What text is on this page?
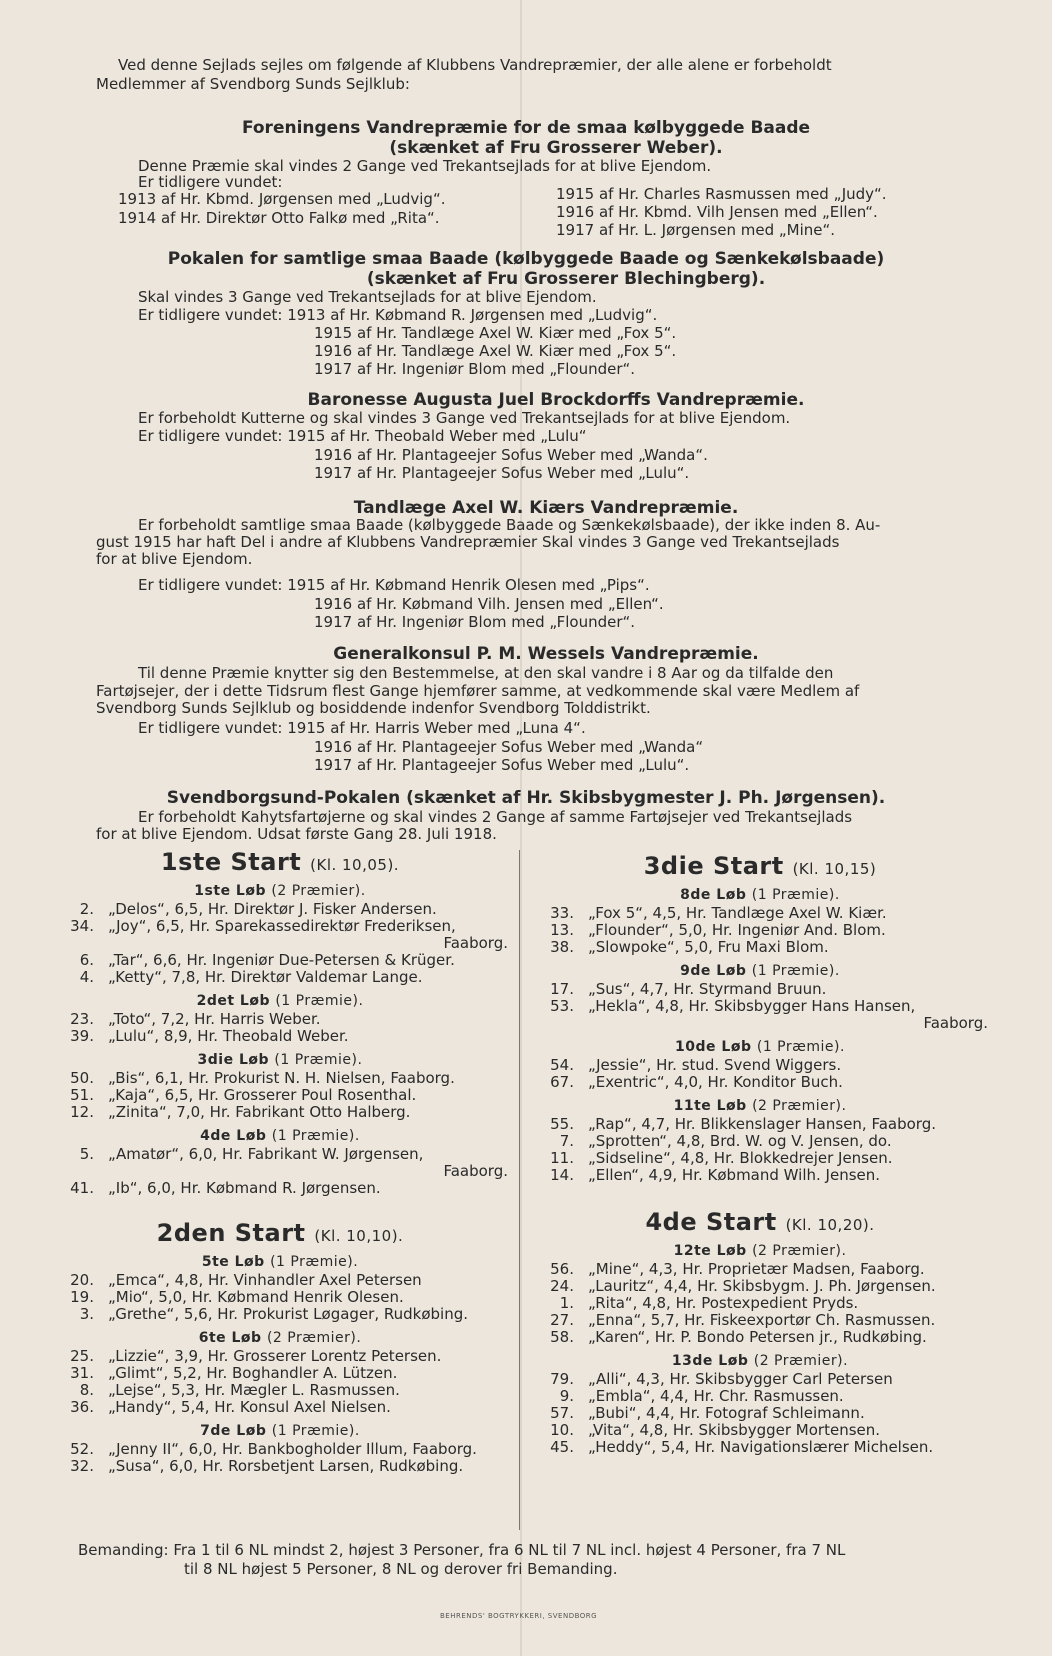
Ved denne Sejlads sejles om følgende af Klubbens Vandrepræmier, der alle alene er forbeholdt
Medlemmer af Svendborg Sunds Sejlklub:
Foreningens Vandrepræmie for de smaa kølbyggede Baade
(skænket af Fru Grosserer Weber).
Denne Præmie skal vindes 2 Gange ved Trekantsejlads for at blive Ejendom.
Er tidligere vundet:
1913 af Hr. Kbmd. Jørgensen med „Ludvig“.
1914 af Hr. Direktør Otto Falkø med „Rita“.
1915 af Hr. Charles Rasmussen med „Judy“.
1916 af Hr. Kbmd. Vilh Jensen med „Ellen“.
1917 af Hr. L. Jørgensen med „Mine“.
Pokalen for samtlige smaa Baade (kølbyggede Baade og Sænkekølsbaade)
(skænket af Fru Grosserer Blechingberg).
Skal vindes 3 Gange ved Trekantsejlads for at blive Ejendom.
Er tidligere vundet: 1913 af Hr. Købmand R. Jørgensen med „Ludvig“.
1915 af Hr. Tandlæge Axel W. Kiær med „Fox 5“.
1916 af Hr. Tandlæge Axel W. Kiær med „Fox 5“.
1917 af Hr. Ingeniør Blom med „Flounder“.
Baronesse Augusta Juel Brockdorffs Vandrepræmie.
Er forbeholdt Kutterne og skal vindes 3 Gange ved Trekantsejlads for at blive Ejendom.
Er tidligere vundet: 1915 af Hr. Theobald Weber med „Lulu“
1916 af Hr. Plantageejer Sofus Weber med „Wanda“.
1917 af Hr. Plantageejer Sofus Weber med „Lulu“.
Tandlæge Axel W. Kiærs Vandrepræmie.
Er forbeholdt samtlige smaa Baade (kølbyggede Baade og Sænkekølsbaade), der ikke inden 8. Au-
gust 1915 har haft Del i andre af Klubbens Vandrepræmier Skal vindes 3 Gange ved Trekantsejlads
for at blive Ejendom.
Er tidligere vundet: 1915 af Hr. Købmand Henrik Olesen med „Pips“.
1916 af Hr. Købmand Vilh. Jensen med „Ellen“.
1917 af Hr. Ingeniør Blom med „Flounder“.
Generalkonsul P. M. Wessels Vandrepræmie.
Til denne Præmie knytter sig den Bestemmelse, at den skal vandre i 8 Aar og da tilfalde den
Fartøjsejer, der i dette Tidsrum flest Gange hjemfører samme, at vedkommende skal være Medlem af
Svendborg Sunds Sejlklub og bosiddende indenfor Svendborg Tolddistrikt.
Er tidligere vundet: 1915 af Hr. Harris Weber med „Luna 4“.
1916 af Hr. Plantageejer Sofus Weber med „Wanda“
1917 af Hr. Plantageejer Sofus Weber med „Lulu“.
Svendborgsund-Pokalen (skænket af Hr. Skibsbygmester J. Ph. Jørgensen).
Er forbeholdt Kahytsfartøjerne og skal vindes 2 Gange af samme Fartøjsejer ved Trekantsejlads
for at blive Ejendom. Udsat første Gang 28. Juli 1918.
1ste Start (Kl. 10,05).
1ste Løb (2 Præmier).
2. „Delos“, 6,5, Hr. Direktør J. Fisker Andersen.
34. „Joy“, 6,5, Hr. Sparekassedirektør Frederiksen,
Faaborg.
6. „Tar“, 6,6, Hr. Ingeniør Due-Petersen & Krüger.
4. „Ketty“, 7,8, Hr. Direktør Valdemar Lange.
2det Løb (1 Præmie).
23. „Toto“, 7,2, Hr. Harris Weber.
39. „Lulu“, 8,9, Hr. Theobald Weber.
3die Løb (1 Præmie).
50. „Bis“, 6,1, Hr. Prokurist N. H. Nielsen, Faaborg.
51. „Kaja“, 6,5, Hr. Grosserer Poul Rosenthal.
12. „Zinita“, 7,0, Hr. Fabrikant Otto Halberg.
4de Løb (1 Præmie).
5. „Amatør“, 6,0, Hr. Fabrikant W. Jørgensen,
Faaborg.
41. „Ib“, 6,0, Hr. Købmand R. Jørgensen.
2den Start (Kl. 10,10).
5te Løb (1 Præmie).
20. „Emca“, 4,8, Hr. Vinhandler Axel Petersen
19. „Mio“, 5,0, Hr. Købmand Henrik Olesen.
3. „Grethe“, 5,6, Hr. Prokurist Løgager, Rudkøbing.
6te Løb (2 Præmier).
25. „Lizzie“, 3,9, Hr. Grosserer Lorentz Petersen.
31. „Glimt“, 5,2, Hr. Boghandler A. Lützen.
8. „Lejse“, 5,3, Hr. Mægler L. Rasmussen.
36. „Handy“, 5,4, Hr. Konsul Axel Nielsen.
7de Løb (1 Præmie).
52. „Jenny II“, 6,0, Hr. Bankbogholder Illum, Faaborg.
32. „Susa“, 6,0, Hr. Rorsbetjent Larsen, Rudkøbing.
3die Start (Kl. 10,15)
8de Løb (1 Præmie).
33. „Fox 5“, 4,5, Hr. Tandlæge Axel W. Kiær.
13. „Flounder“, 5,0, Hr. Ingeniør And. Blom.
38. „Slowpoke“, 5,0, Fru Maxi Blom.
9de Løb (1 Præmie).
17. „Sus“, 4,7, Hr. Styrmand Bruun.
53. „Hekla“, 4,8, Hr. Skibsbygger Hans Hansen,
Faaborg.
10de Løb (1 Præmie).
54. „Jessie“, Hr. stud. Svend Wiggers.
67. „Exentric“, 4,0, Hr. Konditor Buch.
11te Løb (2 Præmier).
55. „Rap“, 4,7, Hr. Blikkenslager Hansen, Faaborg.
7. „Sprotten“, 4,8, Brd. W. og V. Jensen, do.
11. „Sidseline“, 4,8, Hr. Blokkedrejer Jensen.
14. „Ellen“, 4,9, Hr. Købmand Wilh. Jensen.
4de Start (Kl. 10,20).
12te Løb (2 Præmier).
56. „Mine“, 4,3, Hr. Proprietær Madsen, Faaborg.
24. „Lauritz“, 4,4, Hr. Skibsbygm. J. Ph. Jørgensen.
1. „Rita“, 4,8, Hr. Postexpedient Pryds.
27. „Enna“, 5,7, Hr. Fiskeexportør Ch. Rasmussen.
58. „Karen“, Hr. P. Bondo Petersen jr., Rudkøbing.
13de Løb (2 Præmier).
79. „Alli“, 4,3, Hr. Skibsbygger Carl Petersen
9. „Embla“, 4,4, Hr. Chr. Rasmussen.
57. „Bubi“, 4,4, Hr. Fotograf Schleimann.
10. „Vita“, 4,8, Hr. Skibsbygger Mortensen.
45. „Heddy“, 5,4, Hr. Navigationslærer Michelsen.
Bemanding: Fra 1 til 6 NL mindst 2, højest 3 Personer, fra 6 NL til 7 NL incl. højest 4 Personer, fra 7 NL
til 8 NL højest 5 Personer, 8 NL og derover fri Bemanding.
BEHRENDS' BOGTRYKKERI, SVENDBORG
